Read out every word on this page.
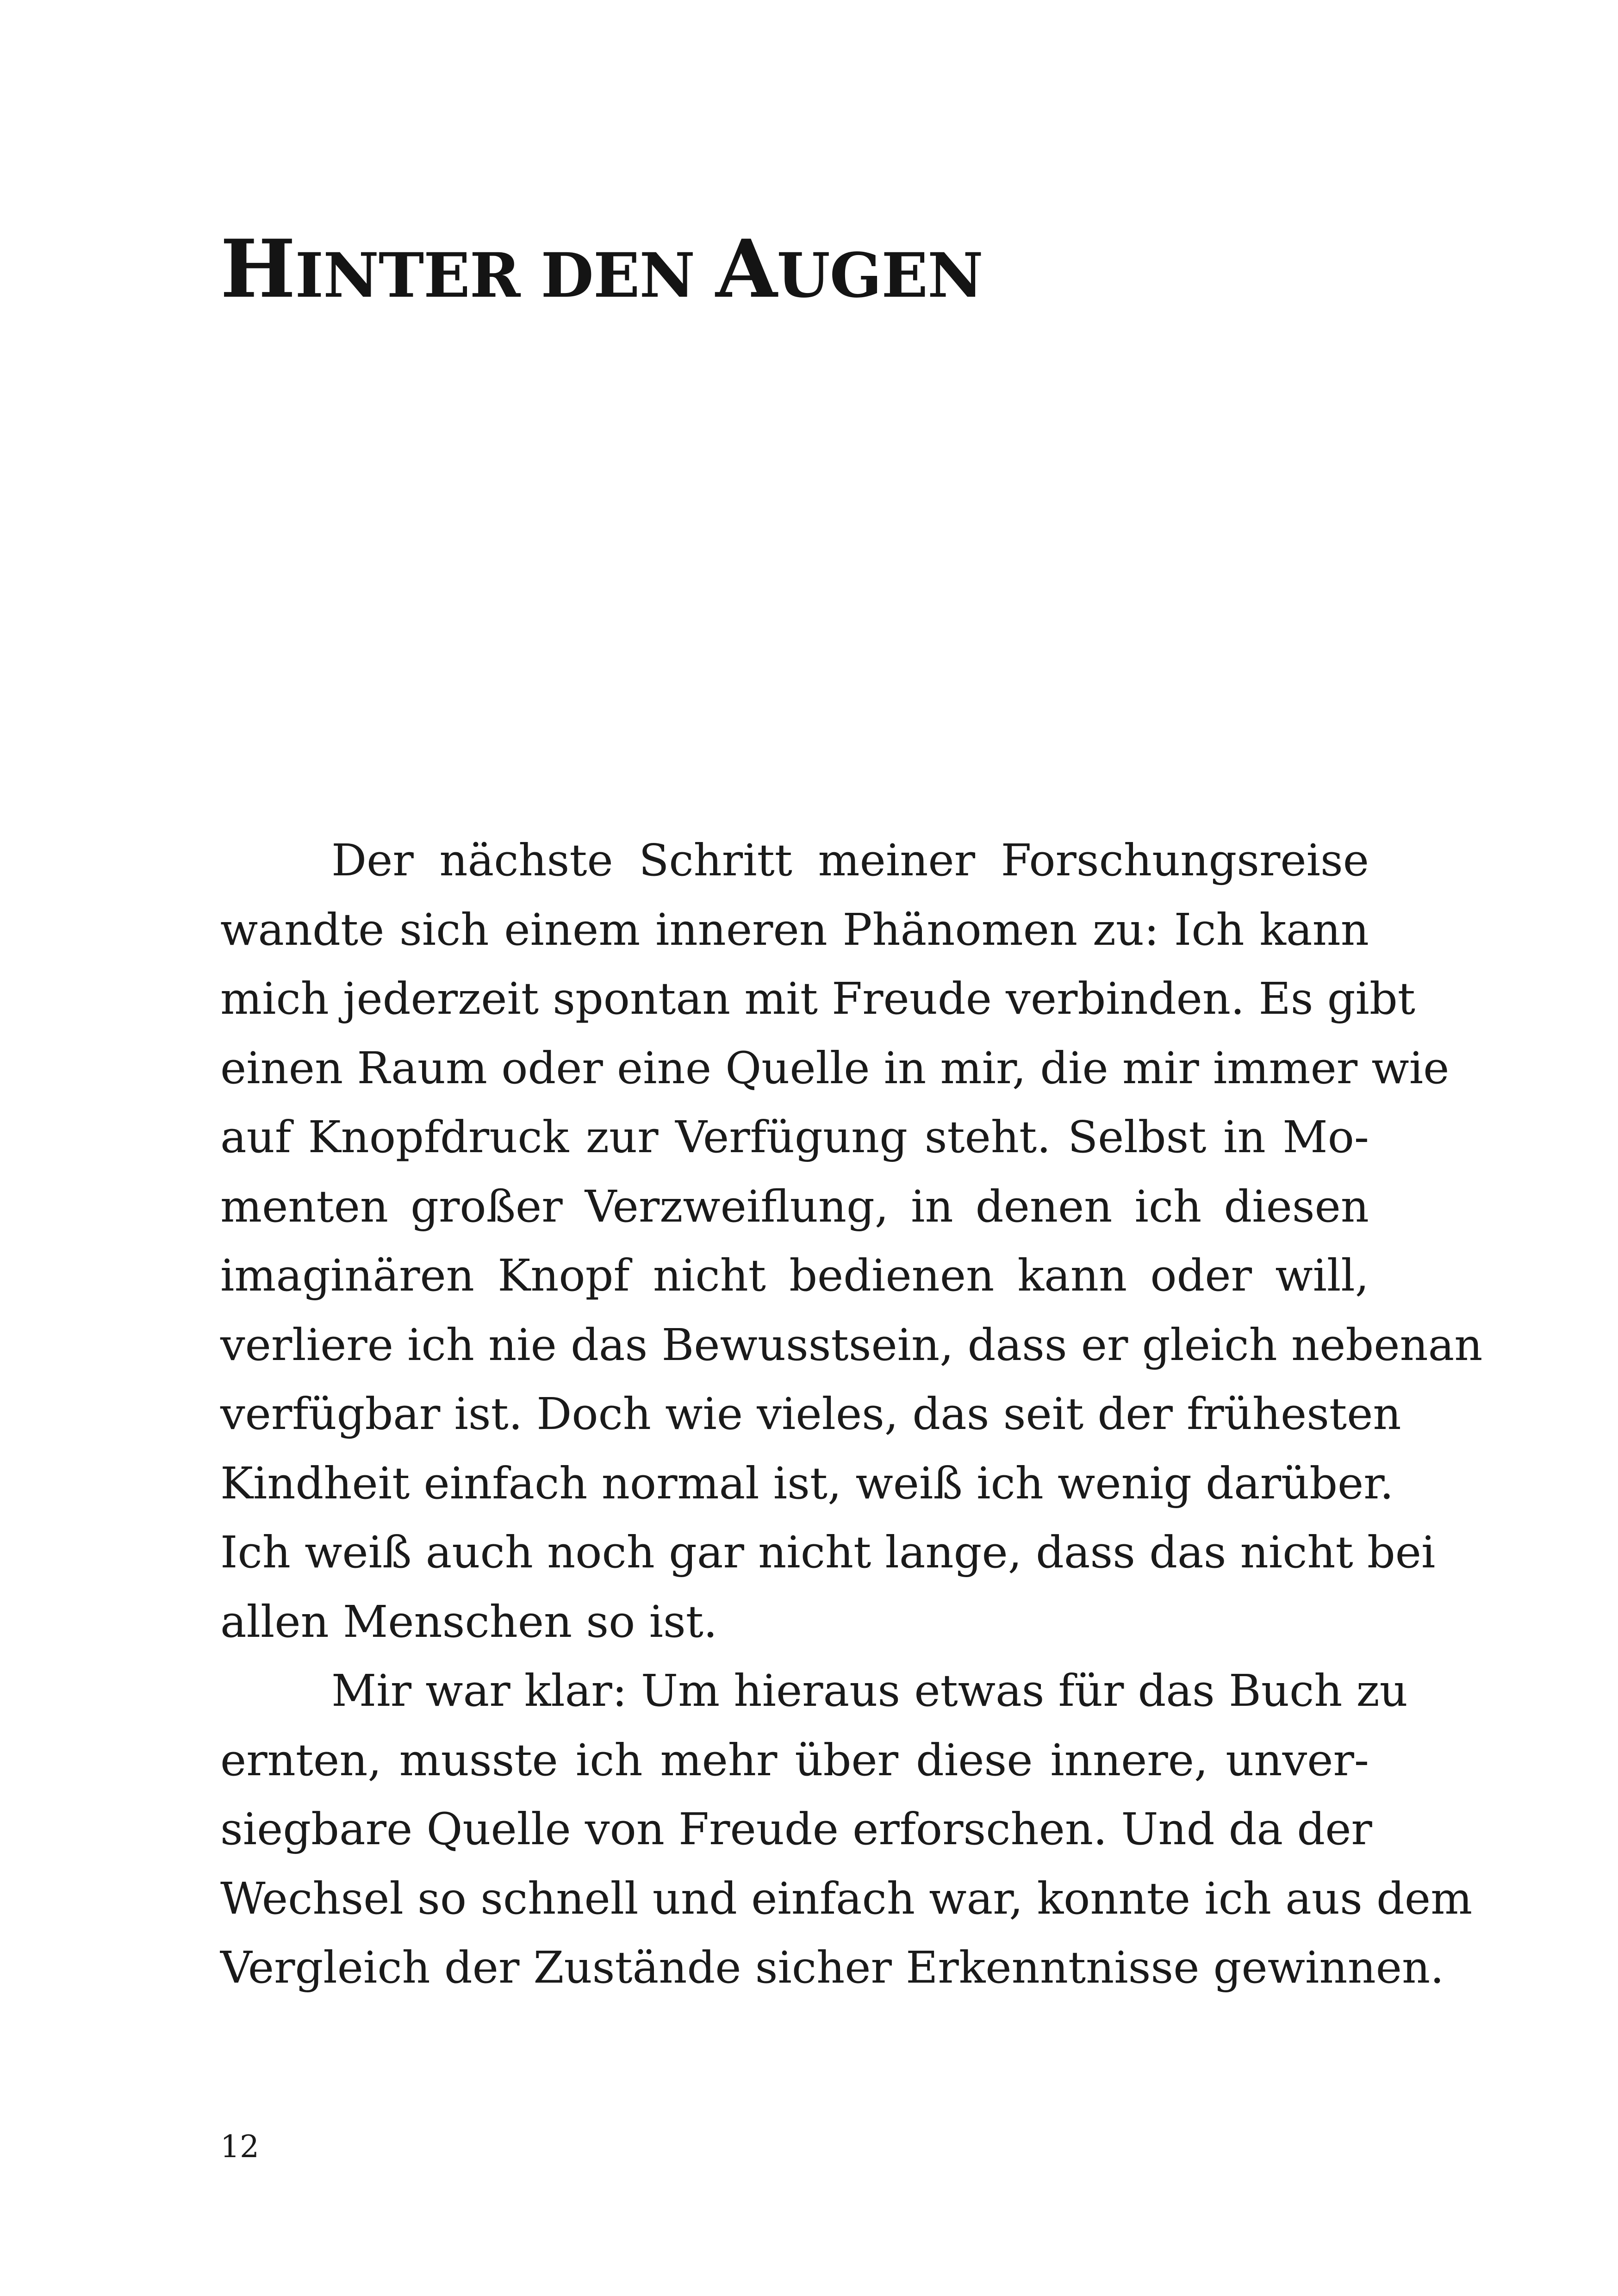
HINTER DEN AUGEN
Der nächste Schritt meiner Forschungsreise
wandte sich einem inneren Phänomen zu: Ich kann
mich jederzeit spontan mit Freude verbinden. Es gibt
einen Raum oder eine Quelle in mir, die mir immer wie
auf Knopfdruck zur Verfügung steht. Selbst in Mo-
menten großer Verzweiflung, in denen ich diesen
imaginären Knopf nicht bedienen kann oder will,
verliere ich nie das Bewusstsein, dass er gleich nebenan
verfügbar ist. Doch wie vieles, das seit der frühesten
Kindheit einfach normal ist, weiß ich wenig darüber.
Ich weiß auch noch gar nicht lange, dass das nicht bei
allen Menschen so ist.
Mir war klar: Um hieraus etwas für das Buch zu
ernten, musste ich mehr über diese innere, unver-
siegbare Quelle von Freude erforschen. Und da der
Wechsel so schnell und einfach war, konnte ich aus dem
Vergleich der Zustände sicher Erkenntnisse gewinnen.
12
